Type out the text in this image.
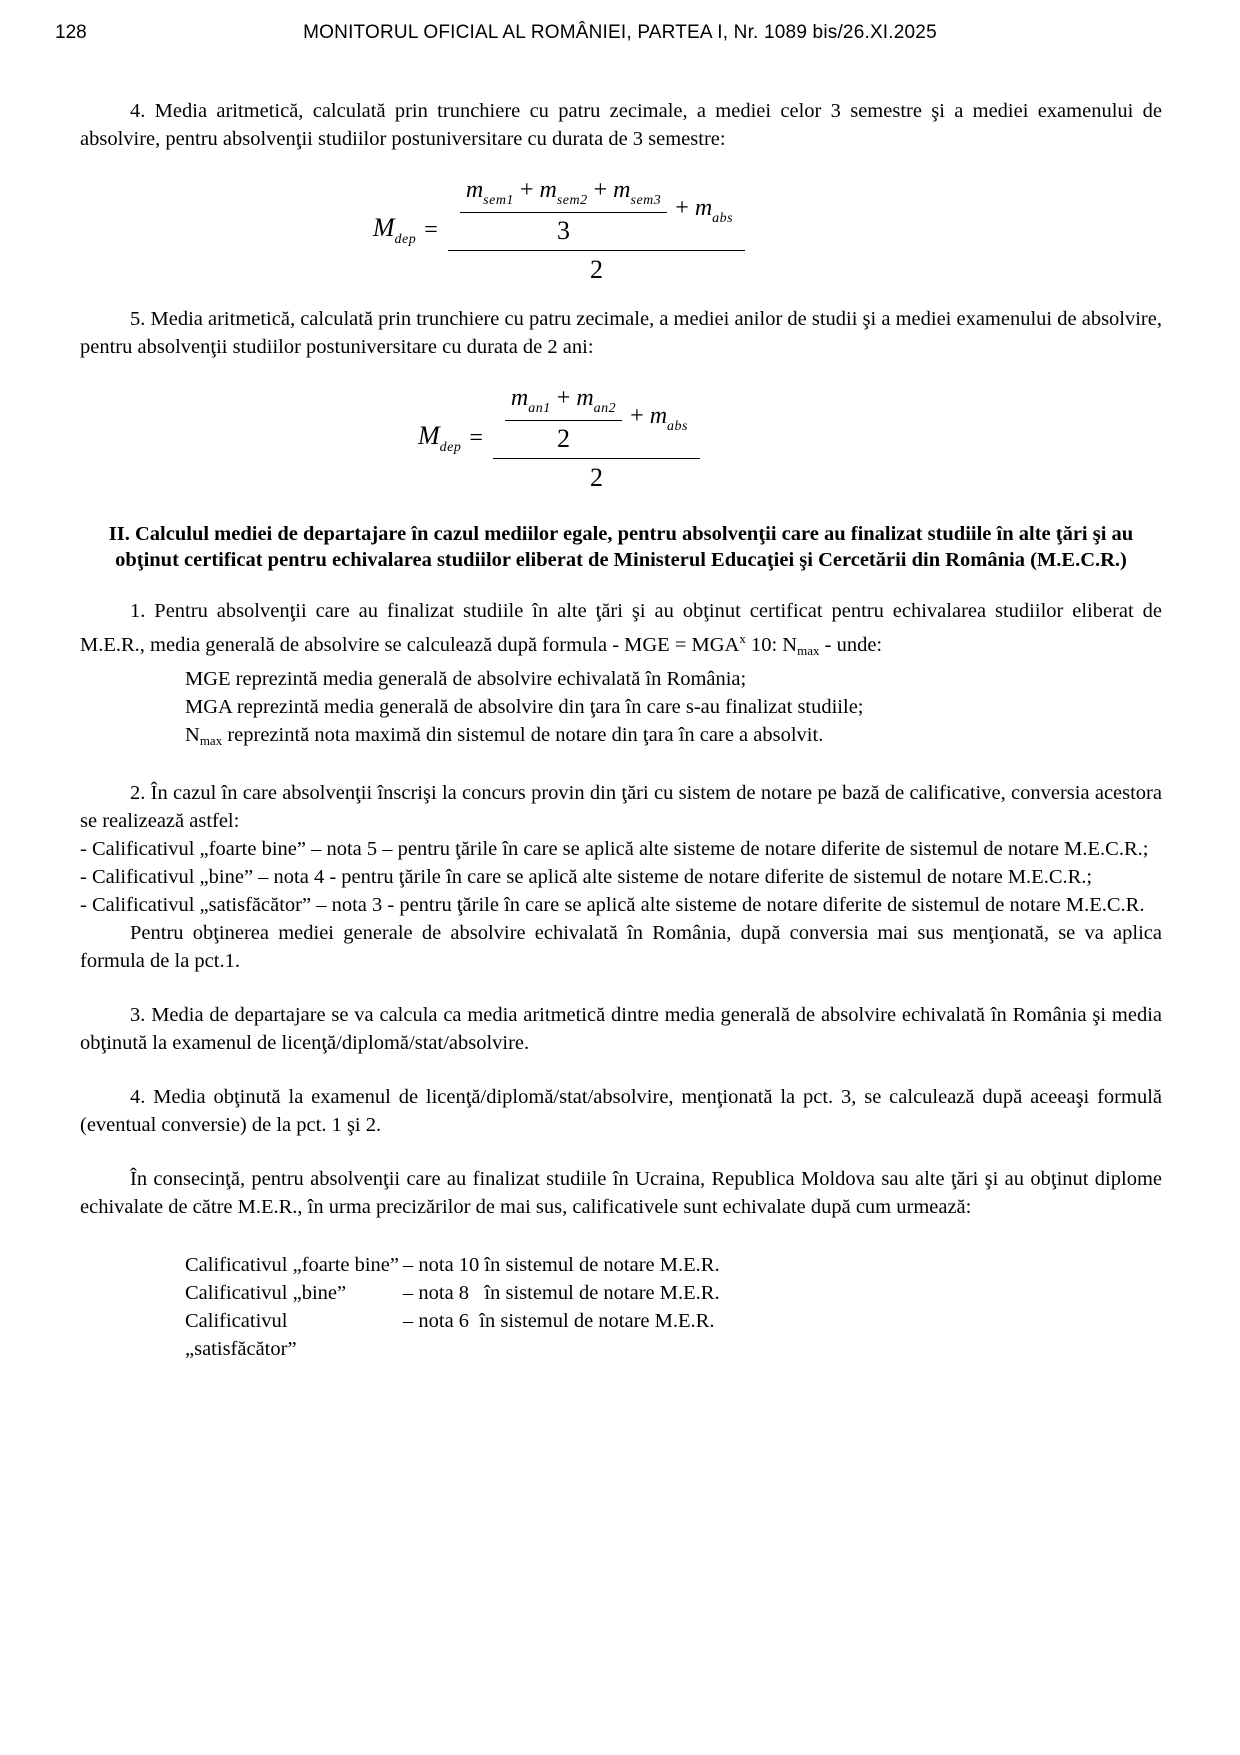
128	MONITORUL OFICIAL AL ROMÂNIEI, PARTEA I, Nr. 1089 bis/26.XI.2025

4. Media aritmetică, calculată prin trunchiere cu patru zecimale, a mediei celor 3 semestre şi a mediei examenului de absolvire, pentru absolvenţii studiilor postuniversitare cu durata de 3 semestre:

$M_{dep} = \frac{m_{sem1} + m_{sem2} + m_{sem3}}{3} + m_{abs}$
2

5. Media aritmetică, calculată prin trunchiere cu patru zecimale, a mediei anilor de studii şi a mediei examenului de absolvire, pentru absolvenţii studiilor postuniversitare cu durata de 2 ani:

$M_{dep} = \frac{\frac{m_{an1} + m_{an2}}{2} + m_{abs}}{2}$
II. Calculul mediei de departajare în cazul mediilor egale, pentru absolvenţii care au finalizat studiile în alte ţări şi au obţinut certificat pentru echivalarea studiilor eliberat de Ministerul Educaţiei şi Cercetării din România (M.E.C.R.)

1. Pentru absolvenţii care au finalizat studiile în alte ţări şi au obţinut certificat pentru echivalarea studiilor eliberat de M.E.R., media generală de absolvire se calculează după formula - MGE = $MGA^x$ 10: $N_{max}$ - unde:

MGE reprezintă media generală de absolvire echivalată în România;
MGA reprezintă media generală de absolvire din ţara în care s-au finalizat studiile;
$N_{max}$ reprezintă nota maximă din sistemul de notare din ţara în care a absolvit.

2. În cazul în care absolvenţii înscrişi la concurs provin din ţări cu sistem de notare pe bază de calificative, conversia acestora se realizează astfel:

- Calificativul „foarte bine” – nota 5 – pentru ţările în care se aplică alte sisteme de notare diferite de sistemul de notare M.E.C.R.;

- Calificativul „bine” – nota 4 - pentru ţările în care se aplică alte sisteme de notare diferite de sistemul de notare M.E.C.R.;

- Calificativul „satisfăcător” – nota 3 - pentru ţările în care se aplică alte sisteme de notare diferite de sistemul de notare M.E.C.R.

Pentru obţinerea mediei generale de absolvire echivalată în România, după conversia mai sus menţionată, se va aplica formula de la pct.1.

3. Media de departajare se va calcula ca media aritmetică dintre media generală de absolvire echivalată în România şi media obţinută la examenul de licenţă/diplomă/stat/absolvire.

4. Media obţinută la examenul de licenţă/diplomă/stat/absolvire, menţionată la pct. 3, se calculează după aceeaşi formulă (eventual conversie) de la pct. 1 şi 2.

În consecinţă, pentru absolvenţii care au finalizat studiile în Ucraina, Republica Moldova sau alte ţări şi au obţinut diplome echivalate de către M.E.R., în urma precizărilor de mai sus, calificativele sunt echivalate după cum urmează:

Calificativul „foarte bine” – nota 10 în sistemul de notare M.E.R.
Calificativul „bine”	– nota 8   în sistemul de notare M.E.R.
Calificativul „satisfăcător”
– nota 6  în sistemul de notare M.E.R.
